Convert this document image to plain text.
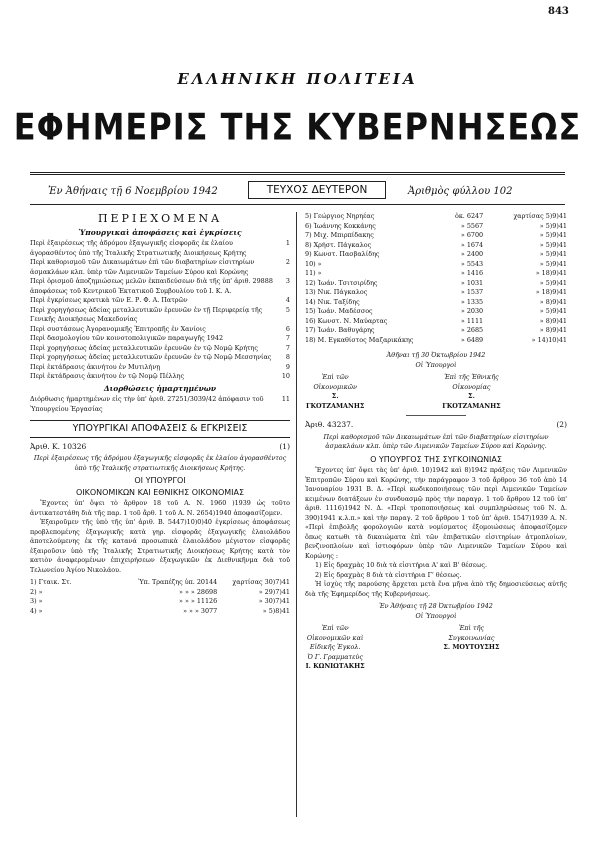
843
ΕΛΛΗΝΙΚΗ ΠΟΛΙΤΕΙΑ
ΕΦΗΜΕΡΙΣ ΤΗΣ ΚΥΒΕΡΝΗΣΕΩΣ
Ἐν Ἀθήναις τῇ 6 Νοεμβρίου 1942	ΤΕΥΧΟΣ ΔΕΥΤΕΡΟΝ	Ἀριθμὸς φύλλου 102
ΠΕΡΙΕΧΟΜΕΝΑ
Ὑπουργικαὶ ἀποφάσεις καὶ ἐγκρίσεις
Περὶ ἐξαιρέσεως τῆς ἀδρόμου ἐξαγωγικῆς εἰσφορᾶς ἐκ ἐλαίου ἀγορασθέντος ὑπὸ τῆς Ἰταλικῆς Στρατιωτικῆς Διοικήσεως Κρήτης
1
Περὶ καθορισμοῦ τῶν Δικαιωμάτων ἐπὶ τῶν διαβατηρίων εἰσιτηρίων ἀσμακλάων κλπ. ὑπὲρ τῶν Λιμενικῶν Ταμείων Σύρου καὶ Κορώνης
2
Περὶ ὁρισμοῦ ἀποζημιώσεως μελῶν ἐκπαιδεύσεων διὰ τῆς ὑπ' ἀριθ. 29888 ἀποφάσεως τοῦ Κεντρικοῦ Ἐκτατικοῦ Συμβουλίου τοῦ Ι. Κ. Α.
3
Περὶ ἐγκρίσεως κρατικὰ τῶν Ε. Ρ. Φ. Α. Πατρῶν	4
Περὶ χορηγήσεως ἀδείας μεταλλευτικῶν ἐρευνῶν ἐν τῇ Περιφερείᾳ τῆς Γενικῆς Διοικήσεως Μακεδονίας
5
Περὶ συστάσεως Ἀγορανομικῆς Ἐπιτροπῆς ἐν Χανίοις	6
Περὶ δασμολογίου τῶν κοινοτοπολιγικῶν παραγωγῆς 1942	7
Περὶ χορηγήσεως ἀδείας μεταλλευτικῶν ἐρευνῶν ἐν τῷ Νομῷ Κρήτης	7
Περὶ χορηγήσεως ἀδείας μεταλλευτικῶν ἐρευνῶν ἐν τῷ Νομῷ Μεσσηνίας	8
Περὶ ἐκτάδρασις ἀκινήτου ἐν Μυτιλήνῃ	9
Περὶ ἐκτάδρασις ἀκινήτου ἐν τῷ Νομῷ Πέλλης	10
Διορθώσεις ἡμαρτημένων
Διόρθωσις ἡμαρτημένων εἰς τὴν ὑπ' ἀριθ. 27251/3039/42 ἀπόφασιν τοῦ Ὑπουργείου Ἐργασίας
11
ΥΠΟΥΡΓΙΚΑΙ ΑΠΟΦΑΣΕΙΣ & ΕΓΚΡΙΣΕΙΣ
Ἀριθ. Κ. 10326	(1)
Περὶ ἐξαιρέσεως τῆς ἀδρόμου ἐξαγωγικῆς εἰσφορᾶς ἐκ ἐλαίου ἀγορασθέντος ὑπὸ τῆς Ἰταλικῆς στρατιωτικῆς Διοικήσεως Κρήτης.
ΟΙ ΥΠΟΥΡΓΟΙ
ΟΙΚΟΝΟΜΙΚΩΝ ΚΑΙ ΕΘΝΙΚΗΣ ΟΙΚΟΝΟΜΙΑΣ
Ἔχοντες ὑπ' ὄψει τὸ ἄρθρον 18 τοῦ Α. Ν. 1960 )1939 ὡς τοῦτο ἀντικατεστάθη διὰ τῆς παρ. 1 τοῦ ἄρθ. 1 τοῦ Α. Ν. 2654)1940 ἀποφασίζομεν.
Ἐξαιροῦμεν τῆς ὑπὸ τῆς ὑπ' ἀριθ. Β. 5447)10)0)40 ἐγκρίσεως ἀποφάσεως προβλεπομένης ἐξαγωγικῆς κατὰ γηρ. εἰσφορᾶς ἐξαγωγικῆς ἐλαιολάδου ἀποτελούμενης ἐκ τῆς κατανά προσωπικὰ ἐλαιολάδου μέγιστον εἰσφορᾶς ἐξαιροῦσιν ὑπὸ τῆς Ἰταλικῆς Στρατιωτικῆς Διοικήσεως Κρήτης κατὰ τὸν κατιὸν ἀναφερομένων ἐπιχειρήσεων ἐξαγωγικῶν ἐκ Διεθνικῆνμα διὰ τοῦ Τελωνείου Ἁγίου Νικολάου.
1) Γταικ. Στ.	Ὑπ. Τραπέζης ὑπ. 20144	χαρτίσας 30)7)41
2) »	» » » 28698	» 29)7)41
3) »	» » » 11126	» 30)7)41
4) »	» » » 3077	» 5)8)41
5) Γεώργιος Νηρηέας	ὀκ. 6247	χαρτίσας 5)9)41
6) Ἰωάννης Κοκκάνης	» 5567	» 5)9)41
7) Μιχ. Μπιρπίδακης	» 6700	» 5)9)41
8) Χρήστ. Πάγκαλος	» 1674	» 5)9)41
9) Κωνστ. Πασβαλίδης	» 2400	» 5)9)41
10) »	» 5543	» 5)9)41
11) »	» 1416	» 18)9)41
12) Ἰωάν. Τσιτσιρίδης	» 1031	» 5)9)41
13) Νικ. Πάγκαλος	» 1537	» 18)9)41
14) Νικ. Ταξίδης	» 1335	» 8)9)41
15) Ἰωάν. Μαδέσσος	» 2030	» 5)9)41
16) Κωνστ. Ν. Μαύαρτας	» 1111	» 8)9)41
17) Ἰωάν. Βαθυγάρης	» 2685	» 8)9)41
18) Μ. Εγκαθίστος Μαζαρικάκης	» 6489	» 14)10)41
Ἀθῆναι τῇ 30 Ὀκτωβρίου 1942
Οἱ Ὑπουργοὶ
Ἐπὶ τῶν Οἰκονομικῶν
Σ. ΓΚΟΤΖΑΜΑΝΗΣ
Ἐπὶ τῆς Ἐθνικῆς Οἰκονομίας
Σ. ΓΚΟΤΖΑΜΑΝΗΣ
Ἀριθ. 43237.	(2)
Περὶ καθορισμοῦ τῶν Δικαιωμάτων ἐπὶ τῶν διαβατηρίων εἰσιτηρίων ἀσμακλάων κλπ. ὑπὲρ τῶν Λιμενικῶν Ταμείων Σύρου καὶ Κορώνης.
Ο ΥΠΟΥΡΓΟΣ ΤΗΣ ΣΥΓΚΟΙΝΩΝΙΑΣ
Ἔχοντες ὑπ' ὄψει τὰς ὑπ' ἀριθ. 10)1942 καὶ 8)1942 πράξεις τῶν Λιμενικῶν Ἐπιτροπῶν Σύρου καὶ Κορώνης, τὴν παράγραφον 3 τοῦ ἄρθρου 36 τοῦ ἀπὸ 14 Ἰανουαρίου 1931 Β. Δ. «Περὶ κωδικοποιήσεως τῶν περὶ Λιμενικῶν Ταμείων κειμένων διατάξεων ἐν συνδυασμῷ πρὸς τὴν παραγρ. 1 τοῦ ἄρθρου 12 τοῦ ὑπ' ἀριθ. 1116)1942 Ν. Δ. «Περὶ τροποποιήσεως καὶ συμπληρώσεως τοῦ Ν. Δ. 390)1941 κ.λ.π.» καὶ τὴν παραγ. 2 τοῦ ἄρθρου 1 τοῦ ὑπ' ἀριθ. 1547)1939 Α. Ν. «Περὶ ἐπιβολῆς φορολογιῶν κατὰ νομίσματος ἐξομοιώσεως ἀποφασίζομεν ὅπως κατωθι τὰ δικαιώματα ἐπὶ τῶν ἐπιβατικῶν εἰσιτηρίων ἀτμοπλοίων, βενζινοπλοίων καὶ ἱστιοφόρων ὑπὲρ τῶν Λιμενικῶν Ταμείων Σύρου καὶ Κορώνης :
1) Εἰς δραχμὰς 10 διὰ τὰ εἰσιτήρια Α' καὶ Β' θέσεως.
2) Εἰς δραχμὰς 8 διὰ τὰ εἰσιτήρια Γ' θέσεως.
Ἡ ἰσχὺς τῆς παρούσης ἄρχεται μετὰ ἕνα μῆνα ἀπὸ τῆς δημοσιεύσεως αὐτῆς διὰ τῆς Ἐφημερίδος τῆς Κυβερνήσεως.
Ἐν Ἀθήναις τῇ 28 Ὀκτωβρίου 1942
Οἱ Ὑπουργοὶ
Ἐπὶ τῶν Οἰκονομικῶν καὶ Εἰδικῆς Ἐγκολ.
Ὁ Γ. Γραμματεὺς
Ι. ΚΩΝΙΩΤΑΚΗΣ
Ἐπὶ τῆς Συγκοινωνίας
Σ. ΜΟΥΤΟΥΣΗΣ
